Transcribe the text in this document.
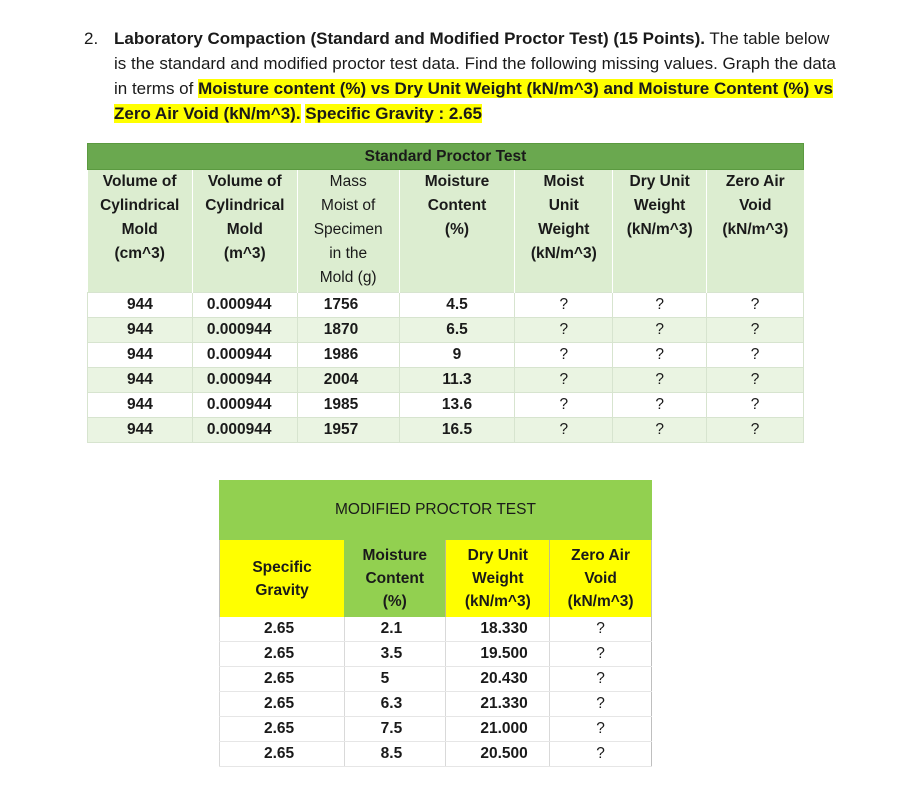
2. Laboratory Compaction (Standard and Modified Proctor Test) (15 Points). The table below is the standard and modified proctor test data. Find the following missing values. Graph the data in terms of Moisture content (%) vs Dry Unit Weight (kN/m^3) and Moisture Content (%) vs Zero Air Void (kN/m^3). Specific Gravity : 2.65
Standard Proctor Test						
Volume of
Cylindrical
Mold
(cm^3)	Volume of
Cylindrical
Mold
(m^3)	Mass
Moist of
Specimen
in the
Mold (g)	Moisture
Content
(%)	Moist
Unit
Weight
(kN/m^3)	Dry Unit
Weight
(kN/m^3)	Zero Air
Void
(kN/m^3)
944	0.000944	1756	4.5	?	?	?
944	0.000944	1870	6.5	?	?	?
944	0.000944	1986	9	?	?	?
944	0.000944	2004	11.3	?	?	?
944	0.000944	1985	13.6	?	?	?
944	0.000944	1957	16.5	?	?	?
MODIFIED PROCTOR TEST			
Specific
Gravity	Moisture
Content
(%)	Dry Unit
Weight
(kN/m^3)	Zero Air
Void
(kN/m^3)
2.65	2.1	18.330	?
2.65	3.5	19.500	?
2.65	5	20.430	?
2.65	6.3	21.330	?
2.65	7.5	21.000	?
2.65	8.5	20.500	?
